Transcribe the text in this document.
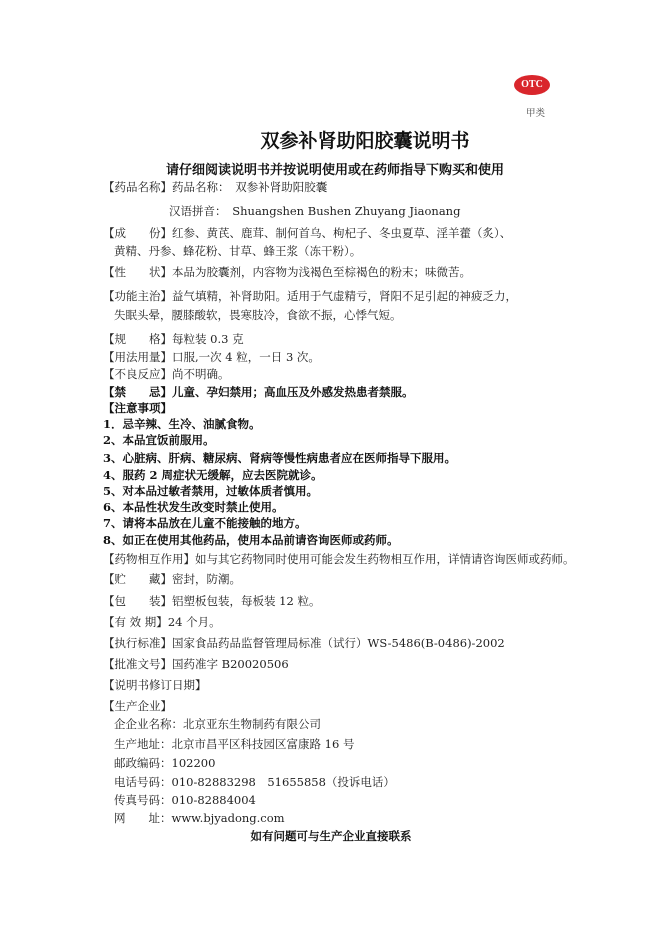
OTC
甲类
双参补肾助阳胶囊说明书
请仔细阅读说明书并按说明使用或在药师指导下购买和使用
【药品名称】药品名称：　双参补肾助阳胶囊
汉语拼音：　Shuangshen Bushen Zhuyang Jiaonang
【成　　份】红参、黄芪、鹿茸、制何首乌、枸杞子、冬虫夏草、淫羊藿（炙）、
黄精、丹参、蜂花粉、甘草、蜂王浆（冻干粉）。
【性　　状】本品为胶囊剂，内容物为浅褐色至棕褐色的粉末；味微苦。
【功能主治】益气填精，补肾助阳。适用于气虚精亏，肾阳不足引起的神疲乏力，
失眠头晕，腰膝酸软，畏寒肢冷，食欲不振，心悸气短。
【规　　格】每粒装 0.3 克
【用法用量】口服,一次 4 粒，一日 3 次。
【不良反应】尚不明确。
【禁　　忌】儿童、孕妇禁用；高血压及外感发热患者禁服。
【注意事项】
1．忌辛辣、生冷、油腻食物。
2、本品宜饭前服用。
3、心脏病、肝病、糖尿病、肾病等慢性病患者应在医师指导下服用。
4、服药 2 周症状无缓解，应去医院就诊。
5、对本品过敏者禁用，过敏体质者慎用。
6、本品性状发生改变时禁止使用。
7、请将本品放在儿童不能接触的地方。
8、如正在使用其他药品，使用本品前请咨询医师或药师。
【药物相互作用】如与其它药物同时使用可能会发生药物相互作用，详情请咨询医师或药师。
【贮　　藏】密封，防潮。
【包　　装】铝塑板包装，每板装 12 粒。
【有 效 期】24 个月。
【执行标准】国家食品药品监督管理局标准（试行）WS-5486(B-0486)-2002
【批准文号】国药准字 B20020506
【说明书修订日期】
【生产企业】
企企业名称：北京亚东生物制药有限公司
生产地址：北京市昌平区科技园区富康路 16 号
邮政编码：102200
电话号码：010-82883298　51655858（投诉电话）
传真号码：010-82884004
网　　址：www.bjyadong.com
如有问题可与生产企业直接联系
